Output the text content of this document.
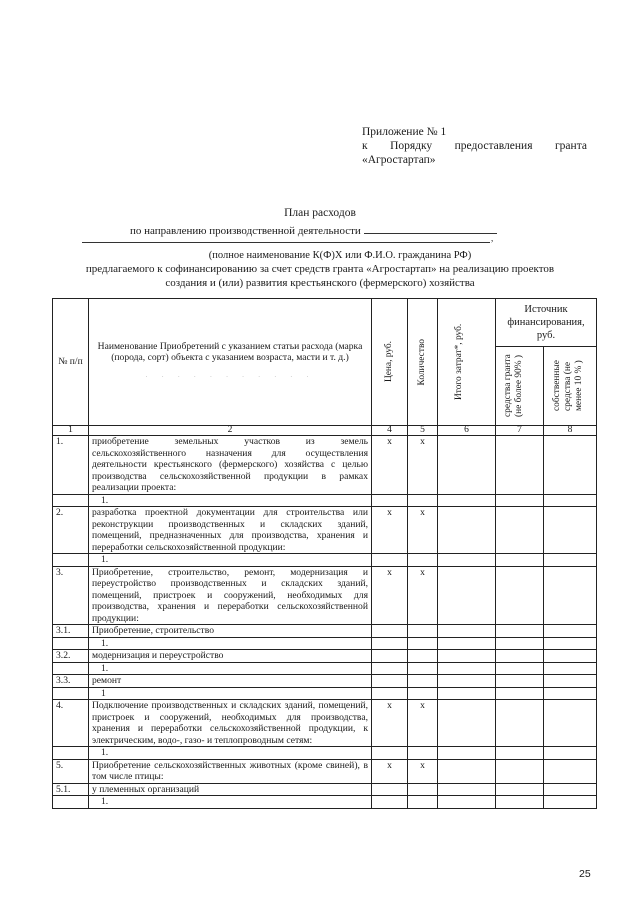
Приложение № 1
к Порядку предоставления гранта
«Агростартап»
План расходов
по направлению производственной деятельности
,
(полное наименование К(Ф)Х или Ф.И.О. гражданина РФ)
предлагаемого к софинансированию за счет средств гранта «Агростартап» на реализацию проектов
создания и (или) развития крестьянского (фермерского) хозяйства
№ п/п	Наименование Приобретений с указанием статьи расхода (марка (порода, сорт) объекта с указанием возраста, масти и т. д.)
· · · · · · · · · · ·	Цена, руб.	Количество	Итого затрат*, руб.	Источник финансирования, руб.	

					средства гранта (не более 90% )	собственные средства (не менее 10 % )

1	2	4	5	6	7	8
1.	приобретение земельных участков из земель сельскохозяйственного назначения для осуществления деятельности крестьянского (фермерского) хозяйства с целью производства сельскохозяйственной продукции в рамках реализации проекта:	х	х			
	1.					
2.	разработка проектной документации для строительства или реконструкции производственных и складских зданий, помещений, предназначенных для производства, хранения и переработки сельскохозяйственной продукции:	х	х			
	1.					
3.	Приобретение, строительство, ремонт, модернизация и переустройство производственных и складских зданий, помещений, пристроек и сооружений, необходимых для производства, хранения и переработки сельскохозяйственной продукции:	х	х			
3.1.	Приобретение, строительство					
	1.					
3.2.	модернизация и переустройство					
	1.					
3.3.	ремонт					
	1					
4.	Подключение производственных и складских зданий, помещений, пристроек и сооружений, необходимых для производства, хранения и переработки сельскохозяйственной продукции, к электрическим, водо-, газо- и теплопроводным сетям:	х	х			
	1.					
5.	Приобретение сельскохозяйственных животных (кроме свиней), в том числе птицы:	х	х			
5.1.	у племенных организаций					
	1.					
25
